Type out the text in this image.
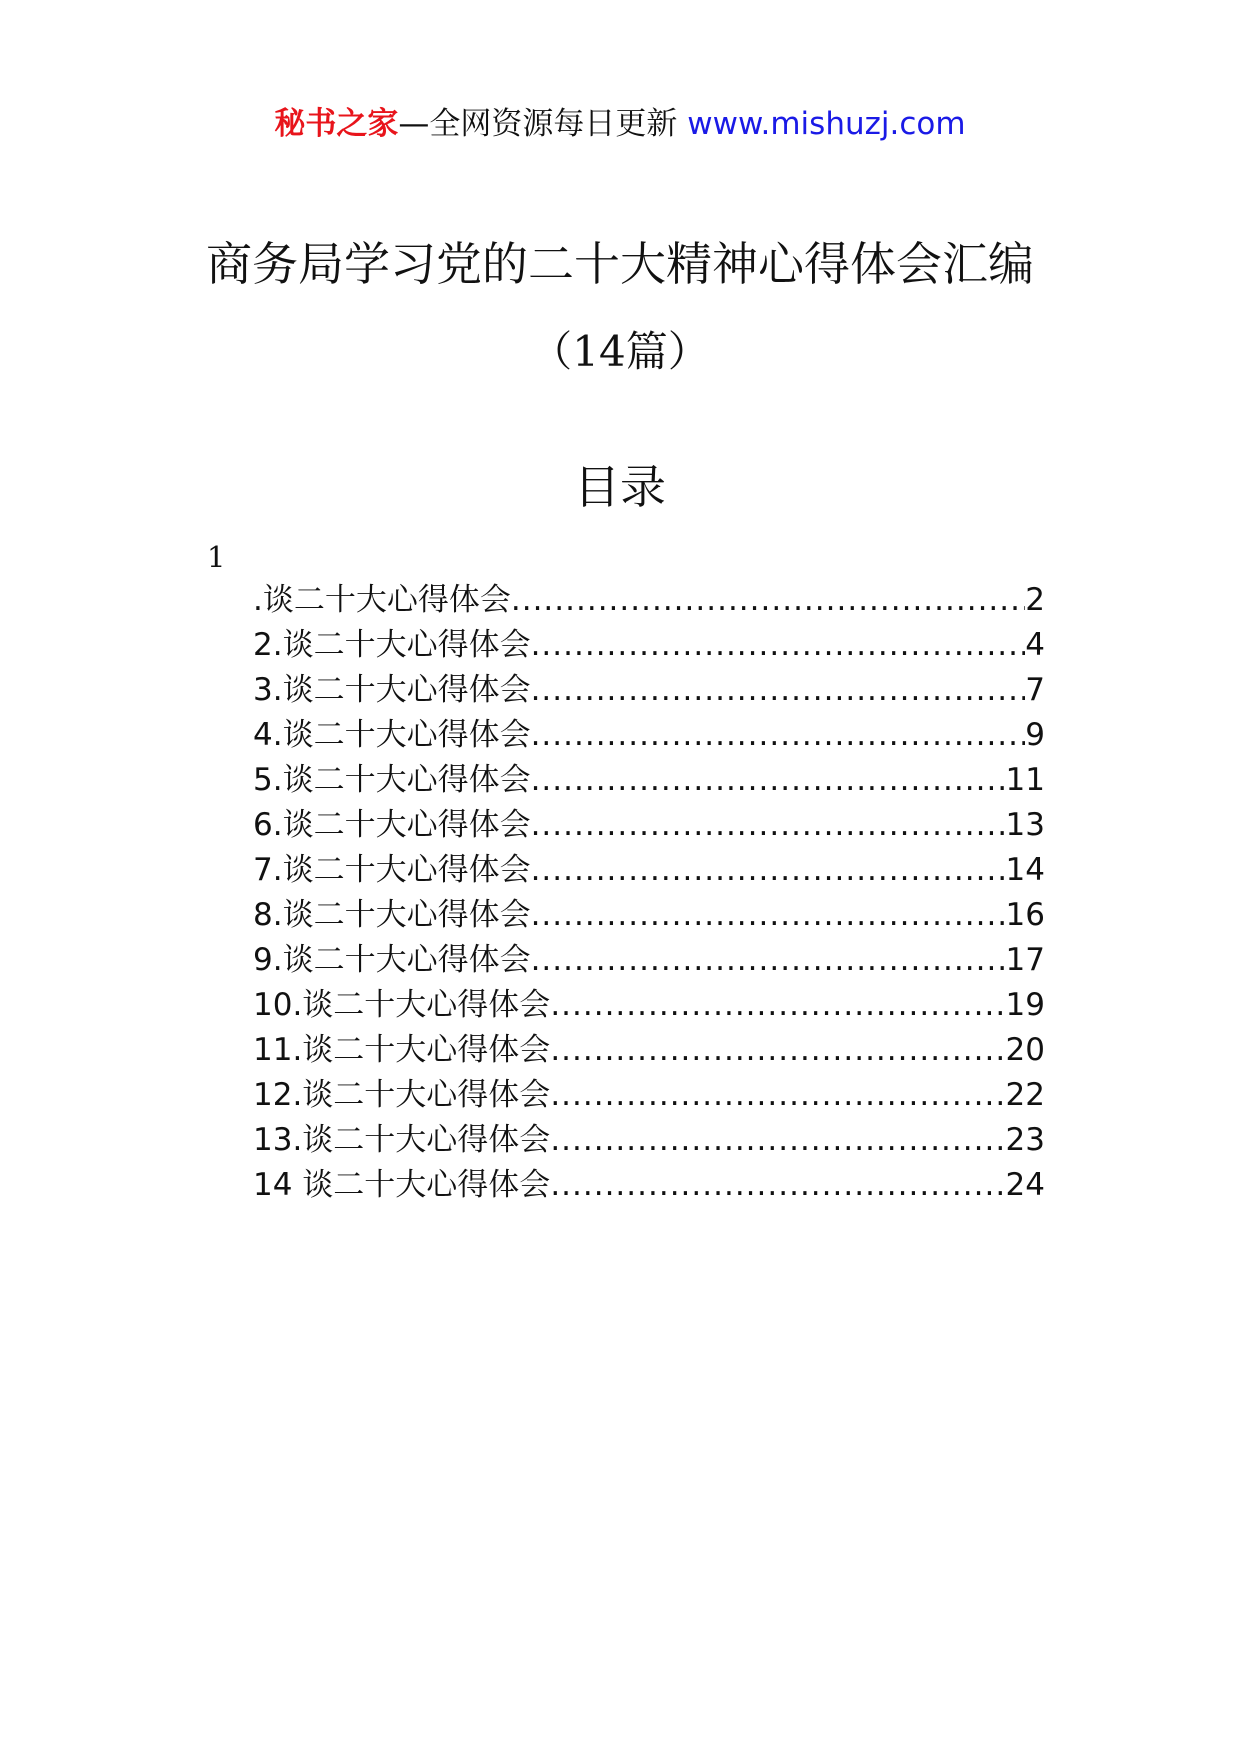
秘书之家—全网资源每日更新 www.mishuzj.com
商务局学习党的二十大精神心得体会汇编
（14篇）
目录
1
.谈二十大心得体会 .....	2
2.谈二十大心得体会 .....	4
3.谈二十大心得体会 .....	7
4.谈二十大心得体会 .....	9
5.谈二十大心得体会 .....	11
6.谈二十大心得体会 .....	13
7.谈二十大心得体会 .....	14
8.谈二十大心得体会 .....	16
9.谈二十大心得体会 .....	17
10.谈二十大心得体会 .....	19
11.谈二十大心得体会 .....	20
12.谈二十大心得体会 .....	22
13.谈二十大心得体会 .....	23
14 谈二十大心得体会 .....	24
